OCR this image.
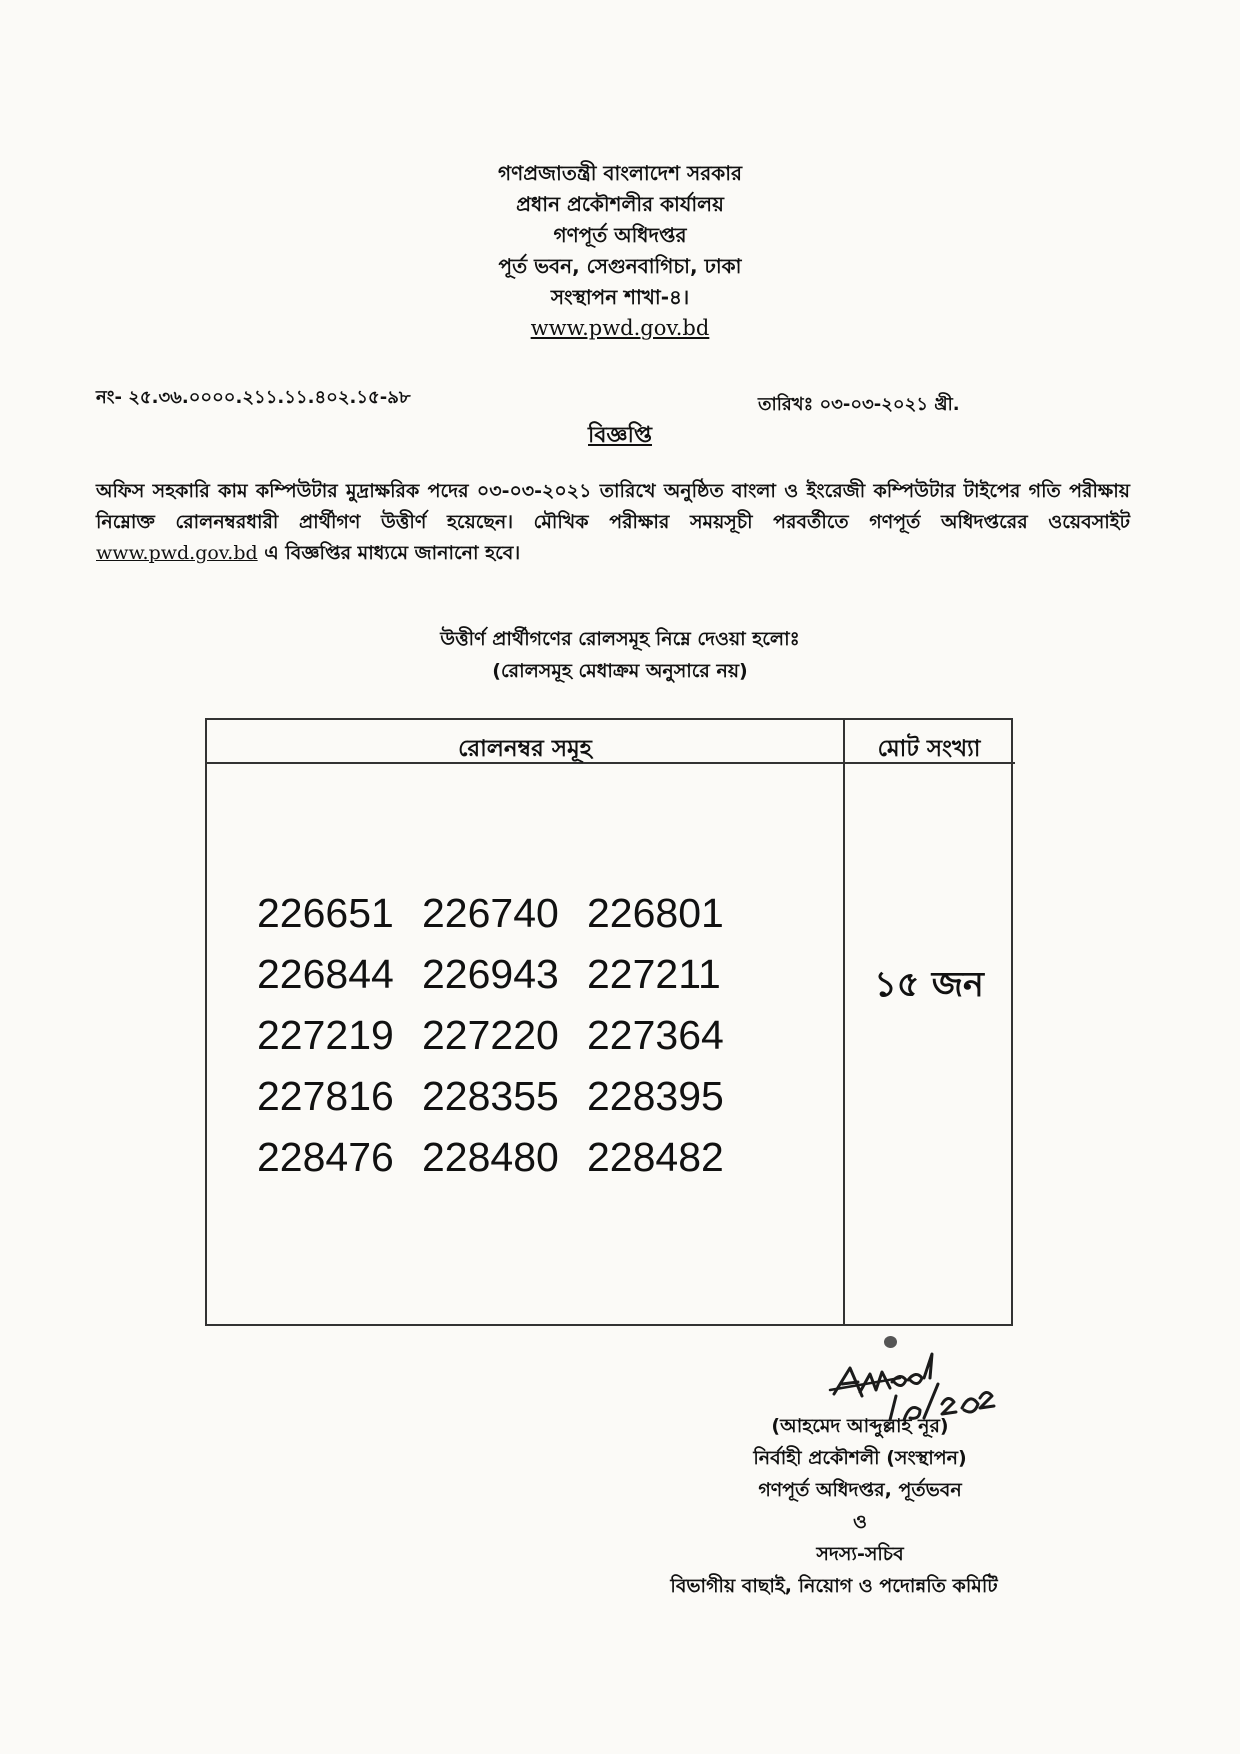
গণপ্রজাতন্ত্রী বাংলাদেশ সরকার
প্রধান প্রকৌশলীর কার্যালয়
গণপূর্ত অধিদপ্তর
পূর্ত ভবন, সেগুনবাগিচা, ঢাকা
সংস্থাপন শাখা-৪।
www.pwd.gov.bd
নং- ২৫.৩৬.০০০০.২১১.১১.৪০২.১৫-৯৮	তারিখঃ ০৩-০৩-২০২১ খ্রী.
বিজ্ঞপ্তি
অফিস সহকারি কাম কম্পিউটার মুদ্রাক্ষরিক পদের ০৩-০৩-২০২১ তারিখে অনুষ্ঠিত বাংলা ও ইংরেজী কম্পিউটার টাইপের গতি পরীক্ষায় নিম্নোক্ত রোলনম্বরধারী প্রার্থীগণ উত্তীর্ণ হয়েছেন। মৌখিক পরীক্ষার সময়সূচী পরবর্তীতে গণপূর্ত অধিদপ্তরের ওয়েবসাইট www.pwd.gov.bd এ বিজ্ঞপ্তির মাধ্যমে জানানো হবে।
উত্তীর্ণ প্রার্থীগণের রোলসমূহ নিম্নে দেওয়া হলোঃ
(রোলসমূহ মেধাক্রম অনুসারে নয়)
রোলনম্বর সমূহ	মোট সংখ্যা
226651 226740 226801
226844 226943 227211
227219 227220 227364
227816 228355 228395
228476 228480 228482
১৫ জন
(আহমেদ আব্দুল্লাহ নূর)
নির্বাহী প্রকৌশলী (সংস্থাপন)
গণপূর্ত অধিদপ্তর, পূর্তভবন
ও
সদস্য-সচিব
বিভাগীয় বাছাই, নিয়োগ ও পদোন্নতি কমিটি
